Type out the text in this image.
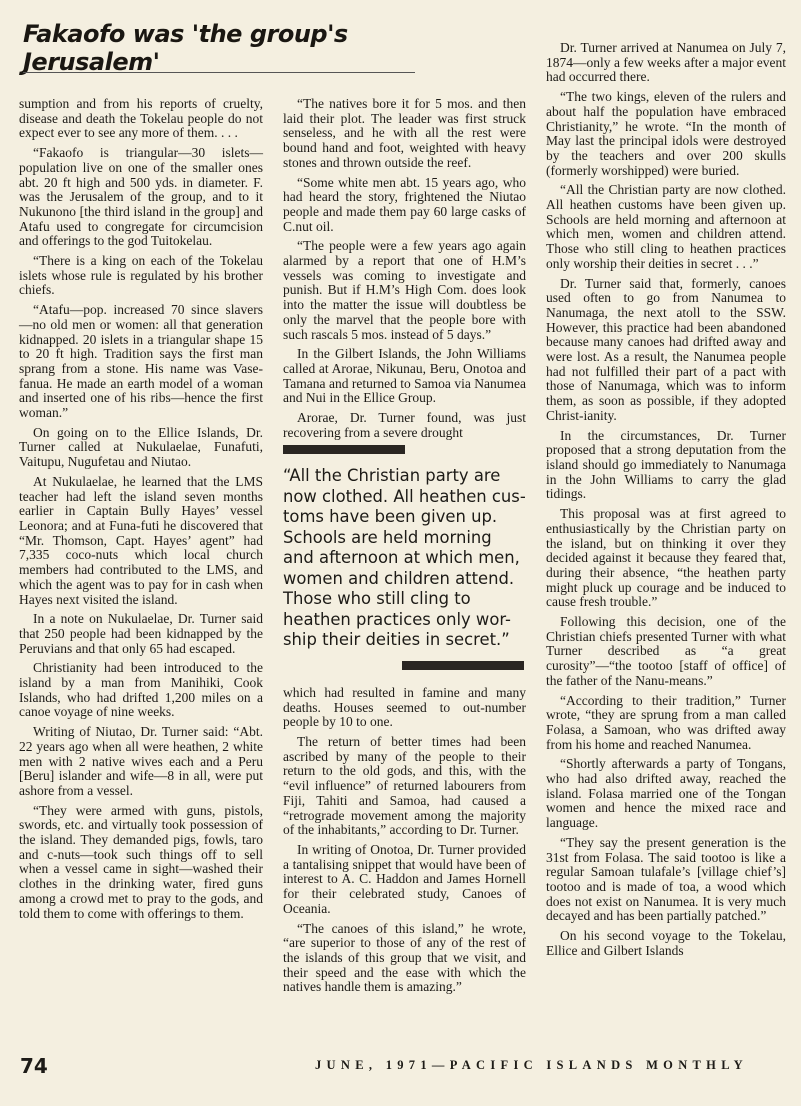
Fakaofo was 'the group's Jerusalem'

sumption and from his reports of cruelty, disease and death the Tokelau people do not expect ever to see any more of them. . . .

“Fakaofo is triangular—30 islets—population live on one of the smaller ones abt. 20 ft high and 500 yds. in diameter. F. was the Jerusalem of the group, and to it Nukunono [the third island in the group] and Atafu used to congregate for circumcision and offerings to the god Tuitokelau.

“There is a king on each of the Tokelau islets whose rule is regulated by his brother chiefs.

“Atafu—pop. increased 70 since slavers—no old men or women: all that generation kidnapped. 20 islets in a triangular shape 15 to 20 ft high. Tradition says the first man sprang from a stone. His name was Vase-fanua. He made an earth model of a woman and inserted one of his ribs—hence the first woman.”

On going on to the Ellice Islands, Dr. Turner called at Nukulaelae, Funafuti, Vaitupu, Nugufetau and Niutao.

At Nukulaelae, he learned that the LMS teacher had left the island seven months earlier in Captain Bully Hayes’ vessel Leonora; and at Funa-futi he discovered that “Mr. Thomson, Capt. Hayes’ agent” had 7,335 coco-nuts which local church members had contributed to the LMS, and which the agent was to pay for in cash when Hayes next visited the island.

In a note on Nukulaelae, Dr. Turner said that 250 people had been kidnapped by the Peruvians and that only 65 had escaped.

Christianity had been introduced to the island by a man from Manihiki, Cook Islands, who had drifted 1,200 miles on a canoe voyage of nine weeks.

Writing of Niutao, Dr. Turner said: “Abt. 22 years ago when all were heathen, 2 white men with 2 native wives each and a Peru [Beru] islander and wife—8 in all, were put ashore from a vessel.

“They were armed with guns, pistols, swords, etc. and virtually took possession of the island. They demanded pigs, fowls, taro and c-nuts—took such things off to sell when a vessel came in sight—washed their clothes in the drinking water, fired guns among a crowd met to pray to the gods, and told them to come with offerings to them.

“The natives bore it for 5 mos. and then laid their plot. The leader was first struck senseless, and he with all the rest were bound hand and foot, weighted with heavy stones and thrown outside the reef.

“Some white men abt. 15 years ago, who had heard the story, frightened the Niutao people and made them pay 60 large casks of C.nut oil.

“The people were a few years ago again alarmed by a report that one of H.M’s vessels was coming to investigate and punish. But if H.M’s High Com. does look into the matter the issue will doubtless be only the marvel that the people bore with such rascals 5 mos. instead of 5 days.”

In the Gilbert Islands, the John Williams called at Arorae, Nikunau, Beru, Onotoa and Tamana and returned to Samoa via Nanumea and Nui in the Ellice Group.

Arorae, Dr. Turner found, was just recovering from a severe drought

“All the Christian party are now clothed. All heathen cus-toms have been given up. Schools are held morning and afternoon at which men, women and children attend. Those who still cling to heathen practices only wor-ship their deities in secret.”

which had resulted in famine and many deaths. Houses seemed to out-number people by 10 to one.

The return of better times had been ascribed by many of the people to their return to the old gods, and this, with the “evil influence” of returned labourers from Fiji, Tahiti and Samoa, had caused a “retrograde movement among the majority of the inhabitants,” according to Dr. Turner.

In writing of Onotoa, Dr. Turner provided a tantalising snippet that would have been of interest to A. C. Haddon and James Hornell for their celebrated study, Canoes of Oceania.

“The canoes of this island,” he wrote, “are superior to those of any of the rest of the islands of this group that we visit, and their speed and the ease with which the natives handle them is amazing.”

Dr. Turner arrived at Nanumea on July 7, 1874—only a few weeks after a major event had occurred there.

“The two kings, eleven of the rulers and about half the population have embraced Christianity,” he wrote. “In the month of May last the principal idols were destroyed by the teachers and over 200 skulls (formerly worshipped) were buried.

“All the Christian party are now clothed. All heathen customs have been given up. Schools are held morning and afternoon at which men, women and children attend. Those who still cling to heathen practices only worship their deities in secret . . .”

Dr. Turner said that, formerly, canoes used often to go from Nanumea to Nanumaga, the next atoll to the SSW. However, this practice had been abandoned because many canoes had drifted away and were lost. As a result, the Nanumea people had not fulfilled their part of a pact with those of Nanumaga, which was to inform them, as soon as possible, if they adopted Christ-ianity.

In the circumstances, Dr. Turner proposed that a strong deputation from the island should go immediately to Nanumaga in the John Williams to carry the glad tidings.

This proposal was at first agreed to enthusiastically by the Christian party on the island, but on thinking it over they decided against it because they feared that, during their absence, “the heathen party might pluck up courage and be induced to cause fresh trouble.”

Following this decision, one of the Christian chiefs presented Turner with what Turner described as “a great curosity”—“the tootoo [staff of office] of the father of the Nanu-means.”

“According to their tradition,” Turner wrote, “they are sprung from a man called Folasa, a Samoan, who was drifted away from his home and reached Nanumea.

“Shortly afterwards a party of Tongans, who had also drifted away, reached the island. Folasa married one of the Tongan women and hence the mixed race and language.

“They say the present generation is the 31st from Folasa. The said tootoo is like a regular Samoan tulafale’s [village chief’s] tootoo and is made of toa, a wood which does not exist on Nanumea. It is very much decayed and has been partially patched.”

On his second voyage to the Tokelau, Ellice and Gilbert Islands

74	JUNE, 1971—PACIFIC ISLANDS MONTHLY
